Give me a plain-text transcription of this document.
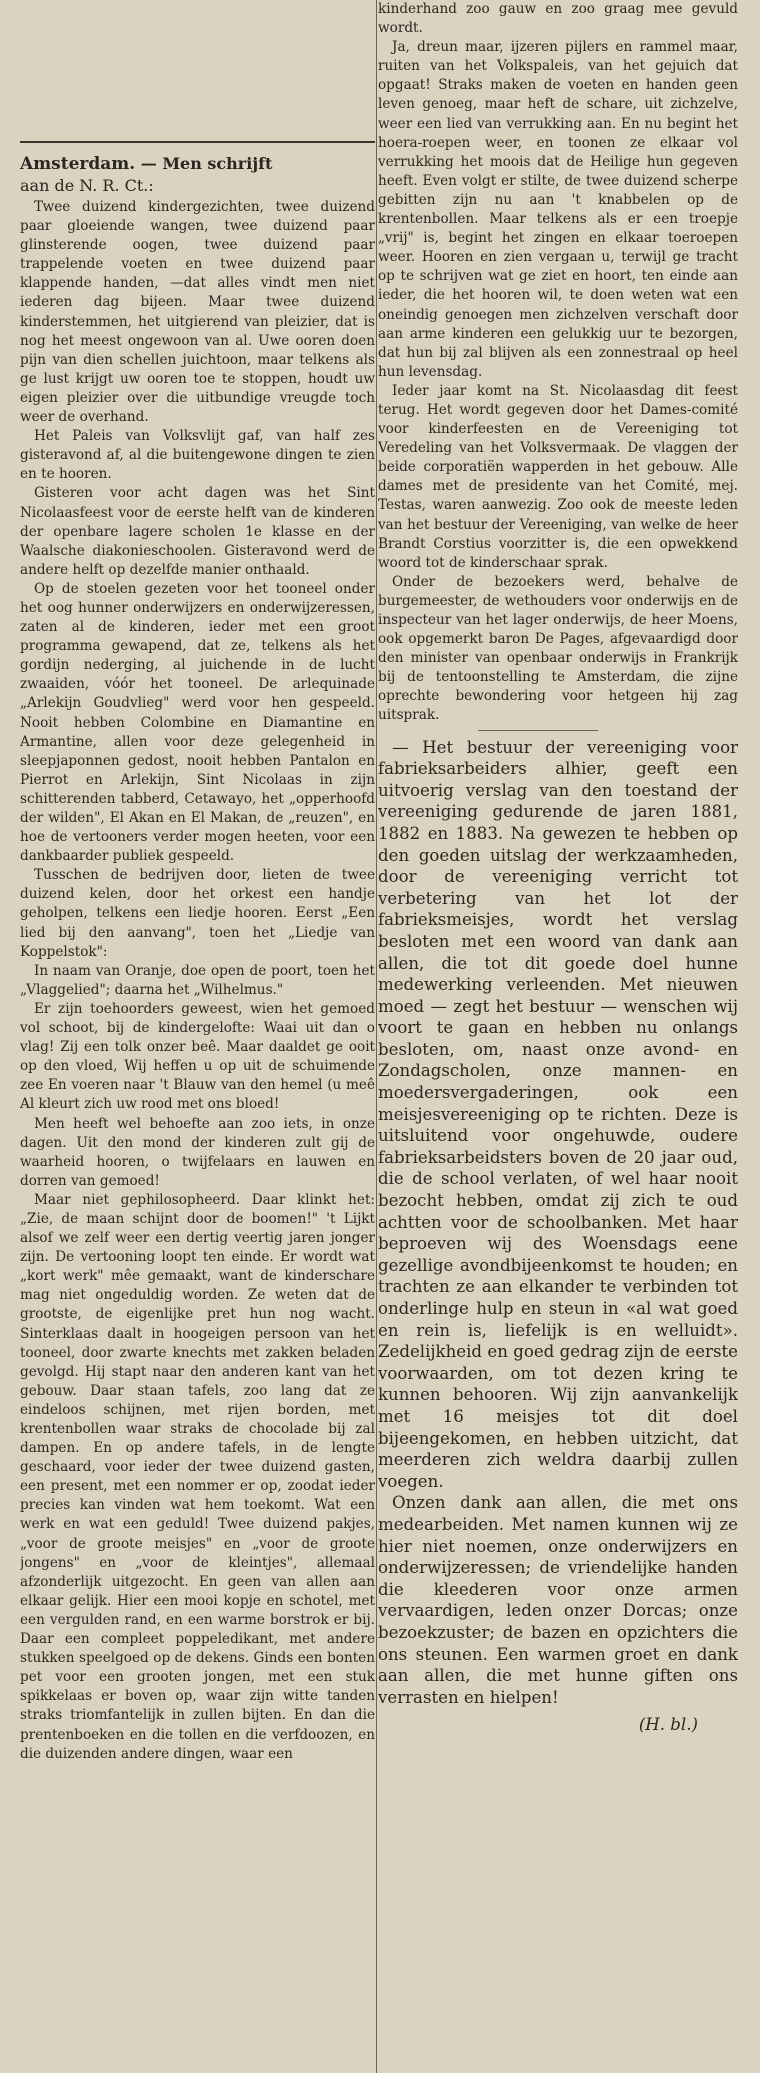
Amsterdam. — Men schrijft
aan de N. R. Ct.:

Twee duizend kindergezichten, twee duizend paar gloeiende wangen, twee duizend paar glinsterende oogen, twee duizend paar trappelende voeten en twee duizend paar klappende handen, —dat alles vindt men niet iederen dag bijeen. Maar twee duizend kinderstemmen, het uitgierend van pleizier, dat is nog het meest ongewoon van al. Uwe ooren doen pijn van dien schellen juichtoon, maar telkens als ge lust krijgt uw ooren toe te stoppen, houdt uw eigen pleizier over die uitbundige vreugde toch weer de overhand.

Het Paleis van Volksvlijt gaf, van half zes gisteravond af, al die buitengewone dingen te zien en te hooren.

Gisteren voor acht dagen was het Sint Nicolaasfeest voor de eerste helft van de kinderen der openbare lagere scholen 1e klasse en der Waalsche diakonieschoolen. Gisteravond werd de andere helft op dezelfde manier onthaald.

Op de stoelen gezeten voor het tooneel onder het oog hunner onderwijzers en onderwijzeressen, zaten al de kinderen, ieder met een groot programma gewapend, dat ze, telkens als het gordijn nederging, al juichende in de lucht zwaaiden, vóór het tooneel. De arlequinade „Arlekijn Goudvlieg" werd voor hen gespeeld. Nooit hebben Colombine en Diamantine en Armantine, allen voor deze gelegenheid in sleepjaponnen gedost, nooit hebben Pantalon en Pierrot en Arlekijn, Sint Nicolaas in zijn schitterenden tabberd, Cetawayo, het „opperhoofd der wilden", El Akan en El Makan, de „reuzen", en hoe de vertooners verder mogen heeten, voor een dankbaarder publiek gespeeld.

Tusschen de bedrijven door, lieten de twee duizend kelen, door het orkest een handje geholpen, telkens een liedje hooren. Eerst „Een lied bij den aanvang", toen het „Liedje van Koppelstok":

In naam van Oranje, doe open de poort, toen het „Vlaggelied"; daarna het „Wilhelmus."

Er zijn toehoorders geweest, wien het gemoed vol schoot, bij de kindergelofte: Waai uit dan o vlag! Zij een tolk onzer beê. Maar daaldet ge ooit op den vloed, Wij heffen u op uit de schuimende zee En voeren naar 't Blauw van den hemel (u meê Al kleurt zich uw rood met ons bloed!

Men heeft wel behoefte aan zoo iets, in onze dagen. Uit den mond der kinderen zult gij de waarheid hooren, o twijfelaars en lauwen en dorren van gemoed!

Maar niet gephilosopheerd. Daar klinkt het: „Zie, de maan schijnt door de boomen!" 't Lijkt alsof we zelf weer een dertig veertig jaren jonger zijn. De vertooning loopt ten einde. Er wordt wat „kort werk" mêe gemaakt, want de kinderschare mag niet ongeduldig worden. Ze weten dat de grootste, de eigenlijke pret hun nog wacht. Sinterklaas daalt in hoogeigen persoon van het tooneel, door zwarte knechts met zakken beladen gevolgd. Hij stapt naar den anderen kant van het gebouw. Daar staan tafels, zoo lang dat ze eindeloos schijnen, met rijen borden, met krentenbollen waar straks de chocolade bij zal dampen. En op andere tafels, in de lengte geschaard, voor ieder der twee duizend gasten, een present, met een nommer er op, zoodat ieder precies kan vinden wat hem toekomt. Wat een werk en wat een geduld! Twee duizend pakjes, „voor de groote meisjes" en „voor de groote jongens" en „voor de kleintjes", allemaal afzonderlijk uitgezocht. En geen van allen aan elkaar gelijk. Hier een mooi kopje en schotel, met een vergulden rand, en een warme borstrok er bij. Daar een compleet poppeledikant, met andere stukken speelgoed op de dekens. Ginds een bonten pet voor een grooten jongen, met een stuk spikkelaas er boven op, waar zijn witte tanden straks triomfantelijk in zullen bijten. En dan die prentenboeken en die tollen en die verfdoozen, en die duizenden andere dingen, waar een

kinderhand zoo gauw en zoo graag mee gevuld wordt.

Ja, dreun maar, ijzeren pijlers en rammel maar, ruiten van het Volkspaleis, van het gejuich dat opgaat! Straks maken de voeten en handen geen leven genoeg, maar heft de schare, uit zichzelve, weer een lied van verrukking aan. En nu begint het hoera-roepen weer, en toonen ze elkaar vol verrukking het moois dat de Heilige hun gegeven heeft. Even volgt er stilte, de twee duizend scherpe gebitten zijn nu aan 't knabbelen op de krentenbollen. Maar telkens als er een troepje „vrij" is, begint het zingen en elkaar toeroepen weer. Hooren en zien vergaan u, terwijl ge tracht op te schrijven wat ge ziet en hoort, ten einde aan ieder, die het hooren wil, te doen weten wat een oneindig genoegen men zichzelven verschaft door aan arme kinderen een gelukkig uur te bezorgen, dat hun bij zal blijven als een zonnestraal op heel hun levensdag.

Ieder jaar komt na St. Nicolaasdag dit feest terug. Het wordt gegeven door het Dames-comité voor kinderfeesten en de Vereeniging tot Veredeling van het Volksvermaak. De vlaggen der beide corporatiën wapperden in het gebouw. Alle dames met de presidente van het Comité, mej. Testas, waren aanwezig. Zoo ook de meeste leden van het bestuur der Vereeniging, van welke de heer Brandt Corstius voorzitter is, die een opwekkend woord tot de kinderschaar sprak.

Onder de bezoekers werd, behalve de burgemeester, de wethouders voor onderwijs en de inspecteur van het lager onderwijs, de heer Moens, ook opgemerkt baron De Pages, afgevaardigd door den minister van openbaar onderwijs in Frankrijk bij de tentoonstelling te Amsterdam, die zijne oprechte bewondering voor hetgeen hij zag uitsprak.

— Het bestuur der vereeniging voor fabrieksarbeiders alhier, geeft een uitvoerig verslag van den toestand der vereeniging gedurende de jaren 1881, 1882 en 1883. Na gewezen te hebben op den goeden uitslag der werkzaamheden, door de vereeniging verricht tot verbetering van het lot der fabrieksmeisjes, wordt het verslag besloten met een woord van dank aan allen, die tot dit goede doel hunne medewerking verleenden. Met nieuwen moed — zegt het bestuur — wenschen wij voort te gaan en hebben nu onlangs besloten, om, naast onze avond- en Zondagscholen, onze mannen- en moedersvergaderingen, ook een meisjesvereeniging op te richten. Deze is uitsluitend voor ongehuwde, oudere fabrieksarbeidsters boven de 20 jaar oud, die de school verlaten, of wel haar nooit bezocht hebben, omdat zij zich te oud achtten voor de schoolbanken. Met haar beproeven wij des Woensdags eene gezellige avondbijeenkomst te houden; en trachten ze aan elkander te verbinden tot onderlinge hulp en steun in «al wat goed en rein is, liefelijk is en welluidt». Zedelijkheid en goed gedrag zijn de eerste voorwaarden, om tot dezen kring te kunnen behooren. Wij zijn aanvankelijk met 16 meisjes tot dit doel bijeengekomen, en hebben uitzicht, dat meerderen zich weldra daarbij zullen voegen.

Onzen dank aan allen, die met ons medearbeiden. Met namen kunnen wij ze hier niet noemen, onze onderwijzers en onderwijzeressen; de vriendelijke handen die kleederen voor onze armen vervaardigen, leden onzer Dorcas; onze bezoekzuster; de bazen en opzichters die ons steunen. Een warmen groet en dank aan allen, die met hunne giften ons verrasten en hielpen!

(H. bl.)
